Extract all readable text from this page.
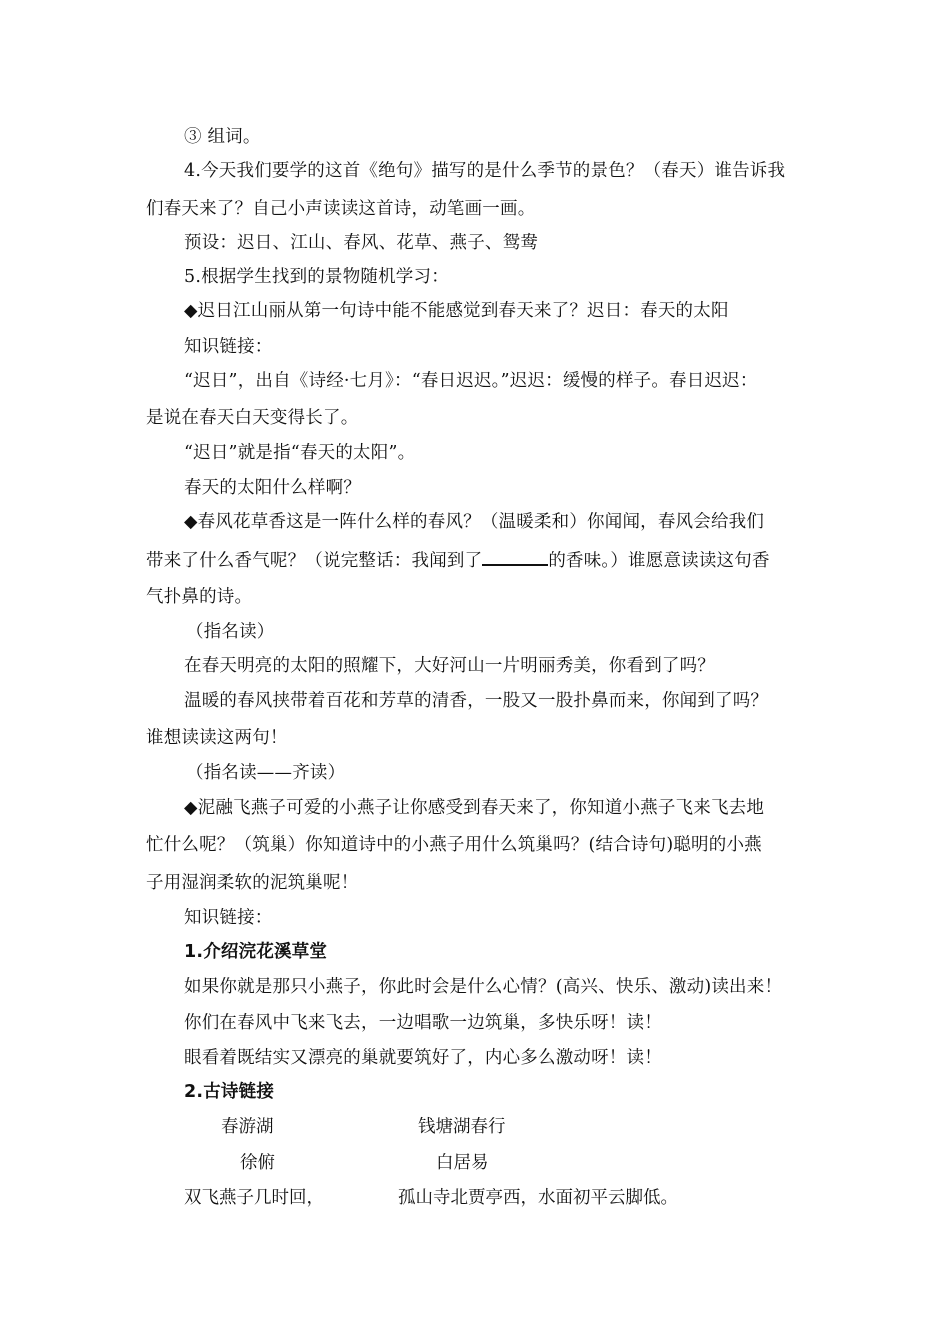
③ 组词。
4.今天我们要学的这首《绝句》描写的是什么季节的景色？（春天）谁告诉我
们春天来了？自己小声读读这首诗，动笔画一画。
预设：迟日、江山、春风、花草、燕子、鸳鸯
5.根据学生找到的景物随机学习：
◆迟日江山丽从第一句诗中能不能感觉到春天来了？迟日：春天的太阳
知识链接：
“迟日”，出自《诗经·七月》：“春日迟迟。”迟迟：缓慢的样子。春日迟迟：
是说在春天白天变得长了。
“迟日”就是指“春天的太阳”。
春天的太阳什么样啊？
◆春风花草香这是一阵什么样的春风？（温暖柔和）你闻闻，春风会给我们
带来了什么香气呢？（说完整话：我闻到了	的香味。）谁愿意读读这句香
气扑鼻的诗。
（指名读）
在春天明亮的太阳的照耀下，大好河山一片明丽秀美，你看到了吗？
温暖的春风挟带着百花和芳草的清香，一股又一股扑鼻而来，你闻到了吗？
谁想读读这两句！
（指名读——齐读）
◆泥融飞燕子可爱的小燕子让你感受到春天来了，你知道小燕子飞来飞去地
忙什么呢？（筑巢）你知道诗中的小燕子用什么筑巢吗？(结合诗句)聪明的小燕
子用湿润柔软的泥筑巢呢！
知识链接：
1.介绍浣花溪草堂
如果你就是那只小燕子，你此时会是什么心情？(高兴、快乐、激动)读出来！
你们在春风中飞来飞去，一边唱歌一边筑巢，多快乐呀！读！
眼看着既结实又漂亮的巢就要筑好了，内心多么激动呀！读！
2.古诗链接
春游湖	钱塘湖春行
徐俯	白居易
双飞燕子几时回，	孤山寺北贾亭西，水面初平云脚低。
